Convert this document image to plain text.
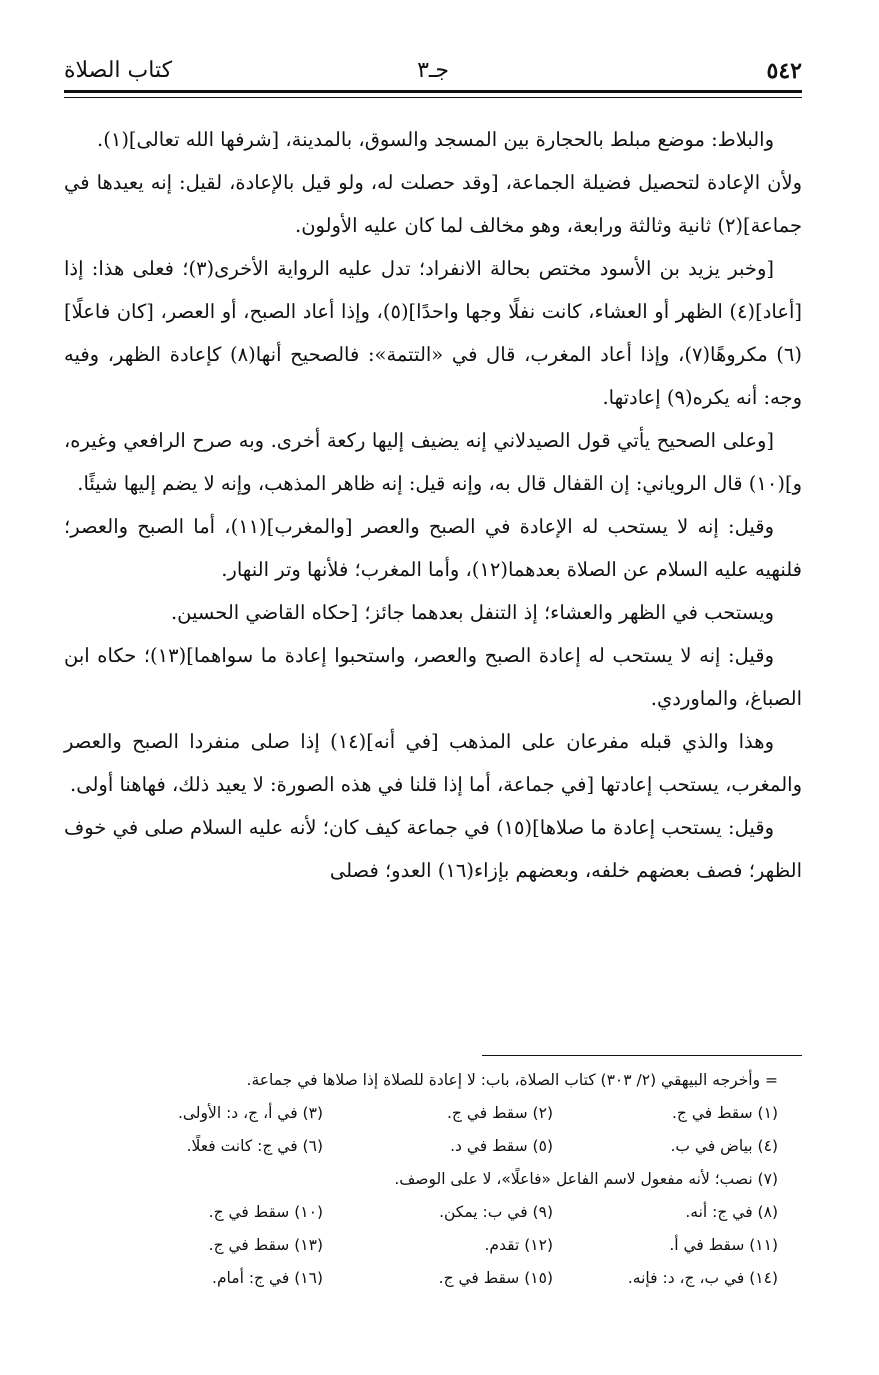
٥٤٢
جـ٣
كتاب الصلاة

والبلاط: موضع مبلط بالحجارة بين المسجد والسوق، بالمدينة، [شرفها الله تعالى](١).

ولأن الإعادة لتحصيل فضيلة الجماعة، [وقد حصلت له، ولو قيل بالإعادة، لقيل: إنه يعيدها في جماعة](٢) ثانية وثالثة ورابعة، وهو مخالف لما كان عليه الأولون.

[وخبر يزيد بن الأسود مختص بحالة الانفراد؛ تدل عليه الرواية الأخرى(٣)؛ فعلى هذا: إذا [أعاد](٤) الظهر أو العشاء، كانت نفلًا وجها واحدًا](٥)، وإذا أعاد الصبح، أو العصر، [كان فاعلًا](٦) مكروهًا(٧)، وإذا أعاد المغرب، قال في «التتمة»: فالصحيح أنها(٨) كإعادة الظهر، وفيه وجه: أنه يكره(٩) إعادتها.

[وعلى الصحيح يأتي قول الصيدلاني إنه يضيف إليها ركعة أخرى. وبه صرح الرافعي وغيره، و](١٠) قال الروياني: إن القفال قال به، وإنه قيل: إنه ظاهر المذهب، وإنه لا يضم إليها شيئًا.

وقيل: إنه لا يستحب له الإعادة في الصبح والعصر [والمغرب](١١)، أما الصبح والعصر؛ فلنهيه عليه السلام عن الصلاة بعدهما(١٢)، وأما المغرب؛ فلأنها وتر النهار.

ويستحب في الظهر والعشاء؛ إذ التنفل بعدهما جائز؛ [حكاه القاضي الحسين.

وقيل: إنه لا يستحب له إعادة الصبح والعصر، واستحبوا إعادة ما سواهما](١٣)؛ حكاه ابن الصباغ، والماوردي.

وهذا والذي قبله مفرعان على المذهب [في أنه](١٤) إذا صلى منفردا الصبح والعصر والمغرب، يستحب إعادتها [في جماعة، أما إذا قلنا في هذه الصورة: لا يعيد ذلك، فهاهنا أولى.

وقيل: يستحب إعادة ما صلاها](١٥) في جماعة كيف كان؛ لأنه عليه السلام صلى في خوف الظهر؛ فصف بعضهم خلفه، وبعضهم بإزاء(١٦) العدو؛ فصلى

= وأخرجه البيهقي (٢/ ٣٠٣) كتاب الصلاة، باب: لا إعادة للصلاة إذا صلاها في جماعة.
(١) سقط في ج.
(٢) سقط في ج.
(٣) في أ، ج، د: الأولى.
(٤) بياض في ب.
(٥) سقط في د.
(٦) في ج: كانت فعلًا.
(٧) نصب؛ لأنه مفعول لاسم الفاعل «فاعلًا»، لا على الوصف.
(٨) في ج: أنه.
(٩) في ب: يمكن.
(١٠) سقط في ج.
(١١) سقط في أ.
(١٢) تقدم.
(١٣) سقط في ج.
(١٤) في ب، ج، د: فإنه.
(١٥) سقط في ج.
(١٦) في ج: أمام.
